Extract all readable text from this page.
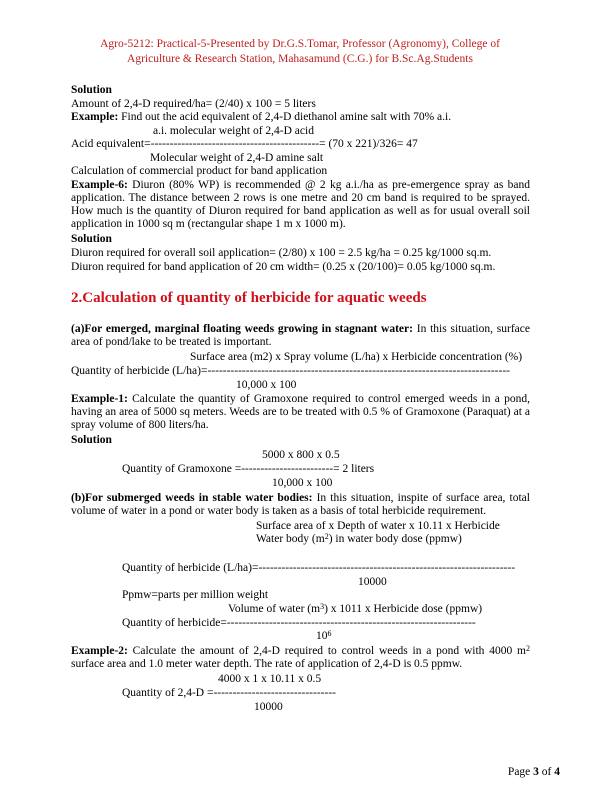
Agro-5212: Practical-5-Presented by Dr.G.S.Tomar, Professor (Agronomy), College of
Agriculture & Research Station, Mahasamund (C.G.) for B.Sc.Ag.Students
Solution
Amount of 2,4-D required/ha= (2/40) x 100 = 5 liters
Example: Find out the acid equivalent of 2,4-D diethanol amine salt with 70% a.i.
a.i. molecular weight of 2,4-D acid
Acid equivalent=--------------------------------------------= (70 x 221)/326= 47
Molecular weight of 2,4-D amine salt
Calculation of commercial product for band application
Example-6: Diuron (80% WP) is recommended @ 2 kg a.i./ha as pre-emergence spray as band application. The distance between 2 rows is one metre and 20 cm band is required to be sprayed. How much is the quantity of Diuron required for band application as well as for usual overall soil application in 1000 sq m (rectangular shape 1 m x 1000 m).
Solution
Diuron required for overall soil application= (2/80) x 100 = 2.5 kg/ha = 0.25 kg/1000 sq.m.
Diuron required for band application of 20 cm width= (0.25 x (20/100)= 0.05 kg/1000 sq.m.
2.Calculation of quantity of herbicide for aquatic weeds
(a)For emerged, marginal floating weeds growing in stagnant water: In this situation, surface area of pond/lake to be treated is important.
Surface area (m2) x Spray volume (L/ha) x Herbicide concentration (%)
Quantity of herbicide (L/ha)=-------------------------------------------------------------------------------
10,000 x 100
Example-1: Calculate the quantity of Gramoxone required to control emerged weeds in a pond, having an area of 5000 sq meters. Weeds are to be treated with 0.5 % of Gramoxone (Paraquat) at a spray volume of 800 liters/ha.
Solution
5000 x 800 x 0.5
Quantity of Gramoxone =------------------------= 2 liters
10,000 x 100
(b)For submerged weeds in stable water bodies: In this situation, inspite of surface area, total volume of water in a pond or water body is taken as a basis of total herbicide requirement.
Surface area of x Depth of water x 10.11 x Herbicide
Water body $(m^2)$ in water body dose (ppmw)
Quantity of herbicide (L/ha)=-------------------------------------------------------------------
10000
Ppmw=parts per million weight
Volume of water $(m^3)$ x 1011 x Herbicide dose (ppmw)
Quantity of herbicide=-----------------------------------------------------------------
$10^6$
Example-2: Calculate the amount of 2,4-D required to control weeds in a pond with 4000 $m^2$ surface area and 1.0 meter water depth. The rate of application of 2,4-D is 0.5 ppmw.
4000 x 1 x 10.11 x 0.5
Quantity of 2,4-D =--------------------------------
10000
Page 3 of 4
